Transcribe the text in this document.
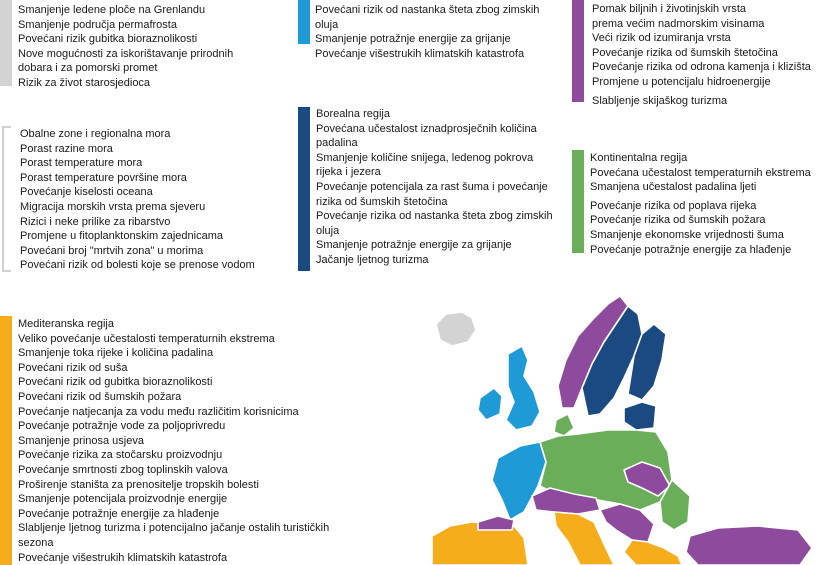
Smanjenje ledene ploče na Grenlandu
Smanjenje područja permafrosta
Povećani rizik gubitka bioraznolikosti
Nove mogućnosti za iskorištavanje prirodnih
dobara i za pomorski promet
Rizik za život starosjedioca
Povećani rizik od nastanka šteta zbog zimskih
oluja
Smanjenje potražnje energije za grijanje
Povećanje višestrukih klimatskih katastrofa
Pomak biljnih i životinjskih vrsta
prema većim nadmorskim visinama
Veći rizik od izumiranja vrsta
Povećanje rizika od šumskih štetočina
Povećanje rizika od odrona kamenja i klizišta
Promjene u potencijalu hidroenergije
Slabljenje skijaškog turizma
Obalne zone i regionalna mora
Porast razine mora
Porast temperature mora
Porast temperature površine mora
Povećanje kiselosti oceana
Migracija morskih vrsta prema sjeveru
Rizici i neke prilike za ribarstvo
Promjene u fitoplanktonskim zajednicama
Povećani broj "mrtvih zona" u morima
Povećani rizik od bolesti koje se prenose vodom
Borealna regija
Povećana učestalost iznadprosječnih količina
padalina
Smanjenje količine snijega, ledenog pokrova
rijeka i jezera
Povećanje potencijala za rast šuma i povećanje
rizika od šumskih štetočina
Povećanje rizika od nastanka šteta zbog zimskih
oluja
Smanjenje potražnje energije za grijanje
Jačanje ljetnog turizma
Kontinentalna regija
Povećana učestalost temperaturnih ekstrema
Smanjena učestalost padalina ljeti
Povećanje rizika od poplava rijeka
Povećanje rizika od šumskih požara
Smanjenje ekonomske vrijednosti šuma
Povećanje potražnje energije za hlađenje
Mediteranska regija
Veliko povećanje učestalosti temperaturnih ekstrema
Smanjenje toka rijeke i količina padalina
Povećani rizik od suša
Povećani rizik od gubitka bioraznolikosti
Povećani rizik od šumskih požara
Povećanje natjecanja za vodu među različitim korisnicima
Povećanje potražnje vode za poljoprivredu
Smanjenje prinosa usjeva
Povećanje rizika za stočarsku proizvodnju
Povećanje smrtnosti zbog toplinskih valova
Proširenje staništa za prenositelje tropskih bolesti
Smanjenje potencijala proizvodnje energije
Povećanje potražnje energije za hlađenje
Slabljenje ljetnog turizma i potencijalno jačanje ostalih turističkih
sezona
Povećanje višestrukih klimatskih katastrofa
